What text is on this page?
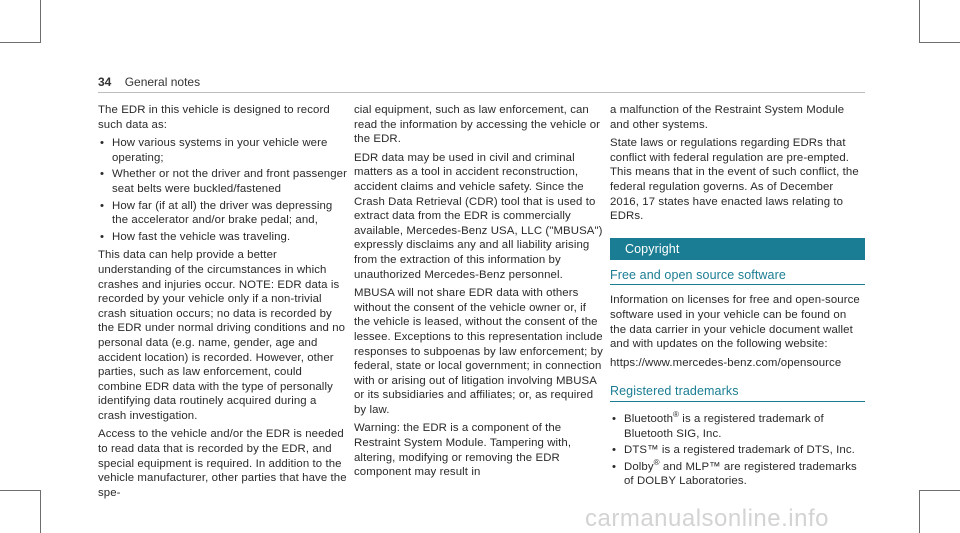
34 General notes

The EDR in this vehicle is designed to record such data as:

• How various systems in your vehicle were operating;
• Whether or not the driver and front passenger seat belts were buckled/fastened
• How far (if at all) the driver was depressing the accelerator and/or brake pedal; and,
• How fast the vehicle was traveling.

This data can help provide a better understanding of the circumstances in which crashes and injuries occur. NOTE: EDR data is recorded by your vehicle only if a non-trivial crash situation occurs; no data is recorded by the EDR under normal driving conditions and no personal data (e.g. name, gender, age and accident location) is recorded. However, other parties, such as law enforcement, could combine EDR data with the type of personally identifying data routinely acquired during a crash investigation.

Access to the vehicle and/or the EDR is needed to read data that is recorded by the EDR, and special equipment is required. In addition to the vehicle manufacturer, other parties that have the spe-

cial equipment, such as law enforcement, can read the information by accessing the vehicle or the EDR.

EDR data may be used in civil and criminal matters as a tool in accident reconstruction, accident claims and vehicle safety. Since the Crash Data Retrieval (CDR) tool that is used to extract data from the EDR is commercially available, Mercedes-Benz USA, LLC ("MBUSA") expressly disclaims any and all liability arising from the extraction of this information by unauthorized Mercedes-Benz personnel.

MBUSA will not share EDR data with others without the consent of the vehicle owner or, if the vehicle is leased, without the consent of the lessee. Exceptions to this representation include responses to subpoenas by law enforcement; by federal, state or local government; in connection with or arising out of litigation involving MBUSA or its subsidiaries and affiliates; or, as required by law.

Warning: the EDR is a component of the Restraint System Module. Tampering with, altering, modifying or removing the EDR component may result in

a malfunction of the Restraint System Module and other systems.

State laws or regulations regarding EDRs that conflict with federal regulation are pre-empted. This means that in the event of such conflict, the federal regulation governs. As of December 2016, 17 states have enacted laws relating to EDRs.

Copyright
Free and open source software

Information on licenses for free and open-source software used in your vehicle can be found on the data carrier in your vehicle document wallet and with updates on the following website:

https://www.mercedes-benz.com/opensource

Registered trademarks
• Bluetooth® is a registered trademark of Bluetooth SIG, Inc.
• DTS™ is a registered trademark of DTS, Inc.
• Dolby® and MLP™ are registered trademarks of DOLBY Laboratories.
carmanualsonline.info
